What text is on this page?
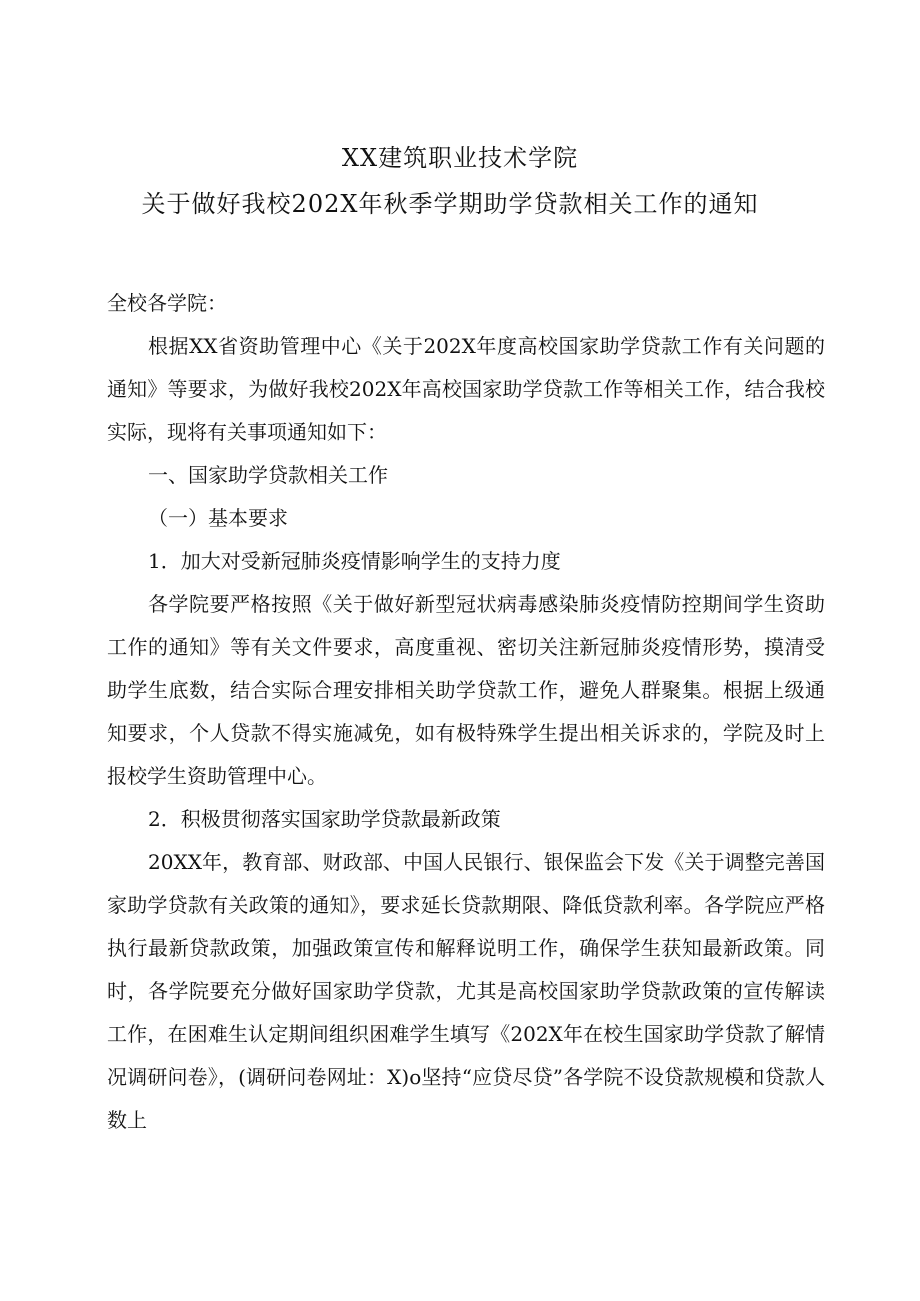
XX建筑职业技术学院
关于做好我校202X年秋季学期助学贷款相关工作的通知

全校各学院：

根据XX省资助管理中心《关于202X年度高校国家助学贷款工作有关问题的通知》等要求，为做好我校202X年高校国家助学贷款工作等相关工作，结合我校实际，现将有关事项通知如下：

一、国家助学贷款相关工作

（一）基本要求

1．加大对受新冠肺炎疫情影响学生的支持力度

各学院要严格按照《关于做好新型冠状病毒感染肺炎疫情防控期间学生资助工作的通知》等有关文件要求，高度重视、密切关注新冠肺炎疫情形势，摸清受助学生底数，结合实际合理安排相关助学贷款工作，避免人群聚集。根据上级通知要求，个人贷款不得实施减免，如有极特殊学生提出相关诉求的，学院及时上报校学生资助管理中心。

2．积极贯彻落实国家助学贷款最新政策

20XX年，教育部、财政部、中国人民银行、银保监会下发《关于调整完善国家助学贷款有关政策的通知》，要求延长贷款期限、降低贷款利率。各学院应严格执行最新贷款政策，加强政策宣传和解释说明工作，确保学生获知最新政策。同时，各学院要充分做好国家助学贷款，尤其是高校国家助学贷款政策的宣传解读工作，在困难生认定期间组织困难学生填写《202X年在校生国家助学贷款了解情况调研问卷》，(调研问卷网址：X)o坚持“应贷尽贷”各学院不设贷款规模和贷款人数上
